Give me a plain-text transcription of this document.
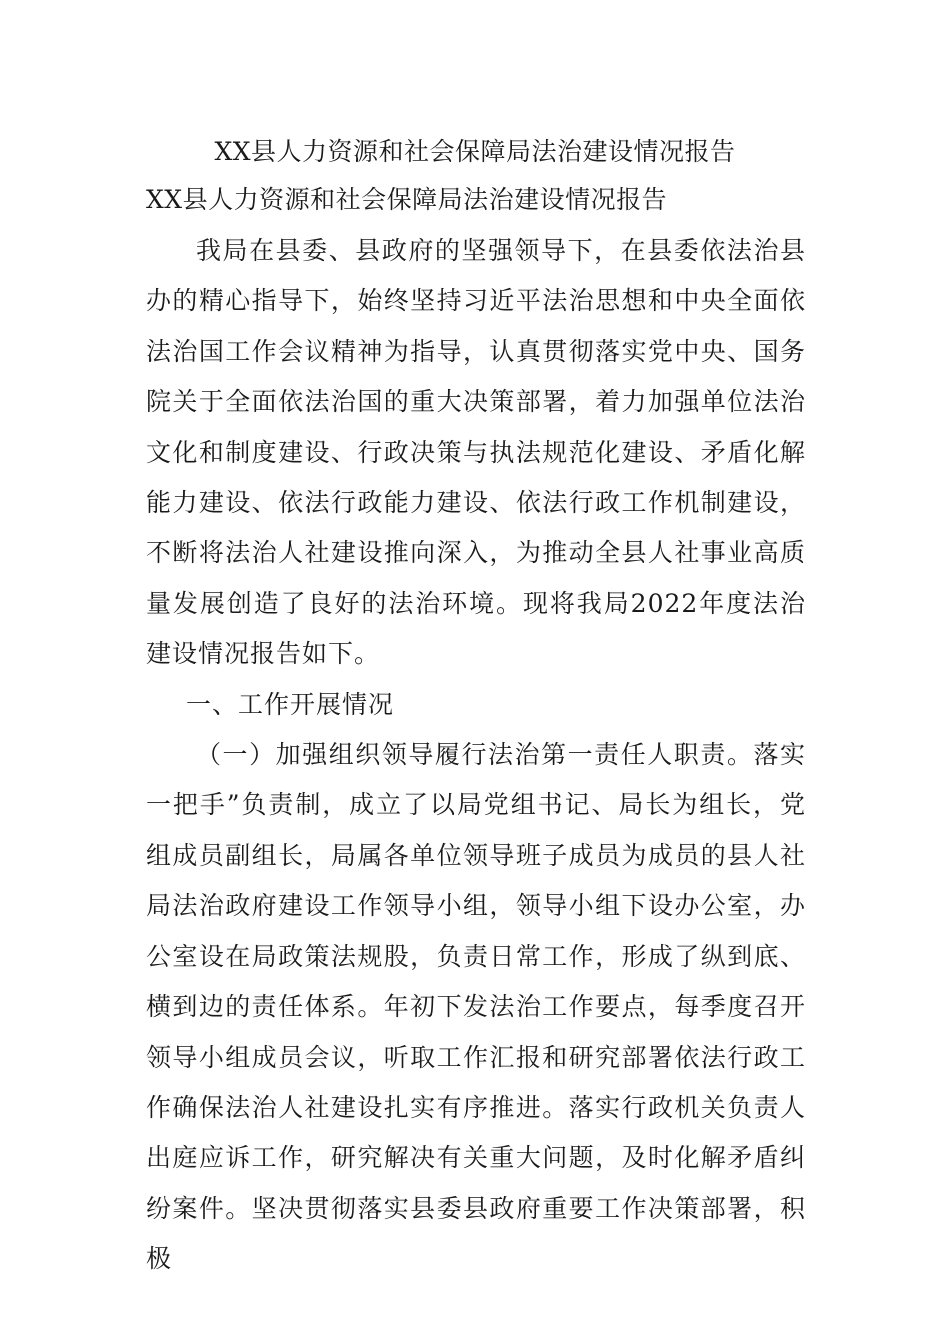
XX县人力资源和社会保障局法治建设情况报告
XX县人力资源和社会保障局法治建设情况报告

我局在县委、县政府的坚强领导下，在县委依法治县办的精心指导下，始终坚持习近平法治思想和中央全面依法治国工作会议精神为指导，认真贯彻落实党中央、国务院关于全面依法治国的重大决策部署，着力加强单位法治文化和制度建设、行政决策与执法规范化建设、矛盾化解能力建设、依法行政能力建设、依法行政工作机制建设，不断将法治人社建设推向深入，为推动全县人社事业高质量发展创造了良好的法治环境。现将我局2022年度法治建设情况报告如下。

一、工作开展情况

（一）加强组织领导履行法治第一责任人职责。落实一把手”负责制，成立了以局党组书记、局长为组长，党组成员副组长，局属各单位领导班子成员为成员的县人社局法治政府建设工作领导小组，领导小组下设办公室，办公室设在局政策法规股，负责日常工作，形成了纵到底、横到边的责任体系。年初下发法治工作要点，每季度召开领导小组成员会议，听取工作汇报和研究部署依法行政工作确保法治人社建设扎实有序推进。落实行政机关负责人出庭应诉工作，研究解决有关重大问题，及时化解矛盾纠纷案件。坚决贯彻落实县委县政府重要工作决策部署，积极
